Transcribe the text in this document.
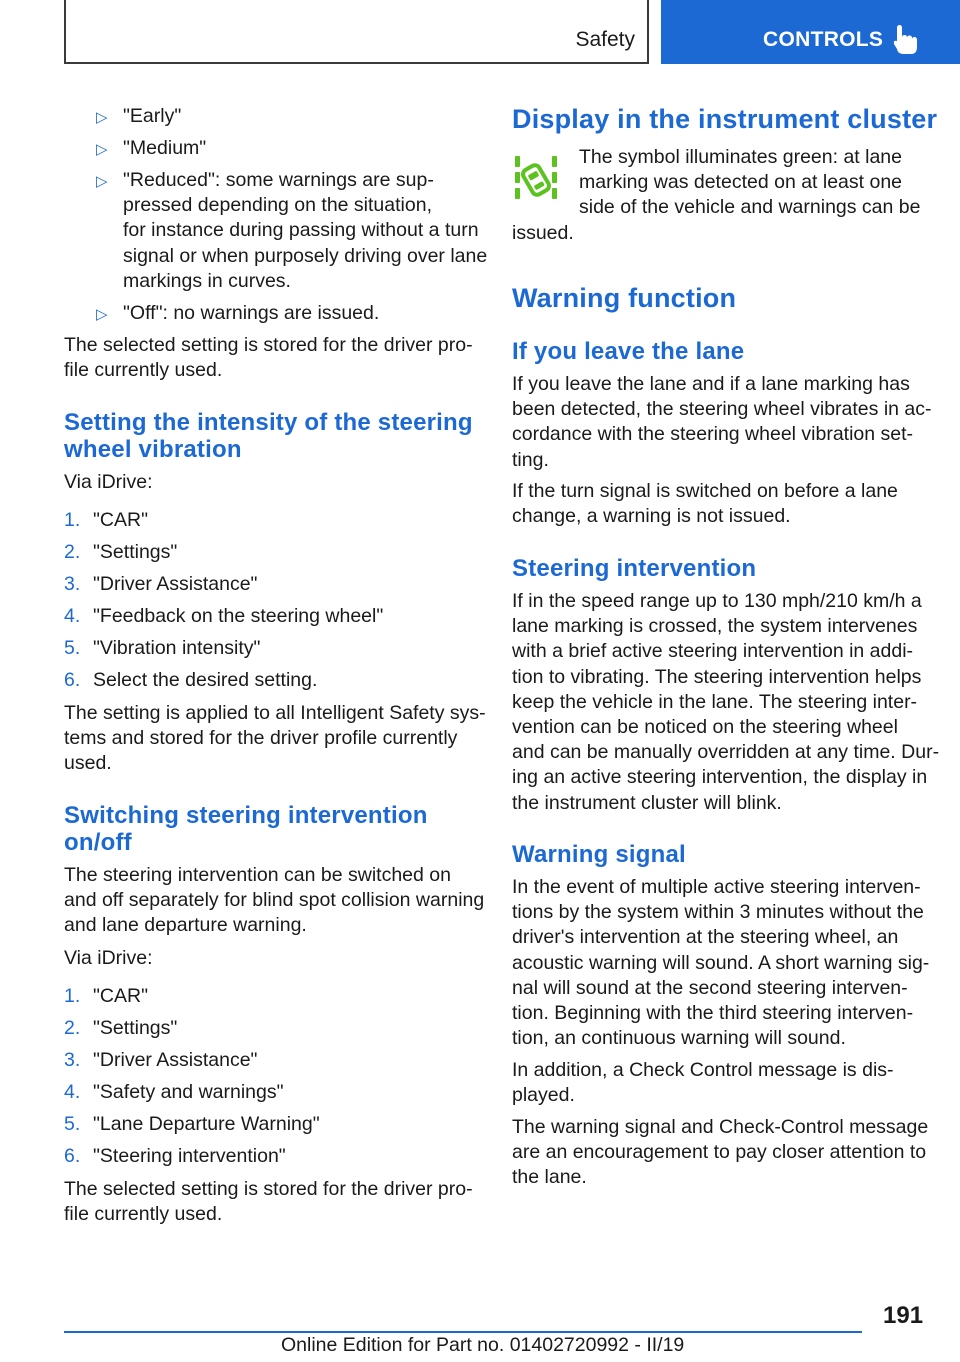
Safety	CONTROLS
▷ "Early"
▷ "Medium"
▷ "Reduced": some warnings are sup-
pressed depending on the situation,
for instance during passing without a turn
signal or when purposely driving over lane
markings in curves.
▷ "Off": no warnings are issued.
The selected setting is stored for the driver pro-
file currently used.
Setting the intensity of the steering
wheel vibration
Via iDrive:
1. "CAR"
2. "Settings"
3. "Driver Assistance"
4. "Feedback on the steering wheel"
5. "Vibration intensity"
6. Select the desired setting.
The setting is applied to all Intelligent Safety sys-
tems and stored for the driver profile currently
used.
Switching steering intervention
on/off
The steering intervention can be switched on
and off separately for blind spot collision warning
and lane departure warning.
Via iDrive:
1. "CAR"
2. "Settings"
3. "Driver Assistance"
4. "Safety and warnings"
5. "Lane Departure Warning"
6. "Steering intervention"
The selected setting is stored for the driver pro-
file currently used.
Display in the instrument cluster
The symbol illuminates green: at lane
marking was detected on at least one
side of the vehicle and warnings can be
issued.
Warning function
If you leave the lane
If you leave the lane and if a lane marking has
been detected, the steering wheel vibrates in ac-
cordance with the steering wheel vibration set-
ting.
If the turn signal is switched on before a lane
change, a warning is not issued.
Steering intervention
If in the speed range up to 130 mph/210 km/h a
lane marking is crossed, the system intervenes
with a brief active steering intervention in addi-
tion to vibrating. The steering intervention helps
keep the vehicle in the lane. The steering inter-
vention can be noticed on the steering wheel
and can be manually overridden at any time. Dur-
ing an active steering intervention, the display in
the instrument cluster will blink.
Warning signal
In the event of multiple active steering interven-
tions by the system within 3 minutes without the
driver's intervention at the steering wheel, an
acoustic warning will sound. A short warning sig-
nal will sound at the second steering interven-
tion. Beginning with the third steering interven-
tion, an continuous warning will sound.
In addition, a Check Control message is dis-
played.
The warning signal and Check-Control message
are an encouragement to pay closer attention to
the lane.
191
Online Edition for Part no. 01402720992 - II/19
